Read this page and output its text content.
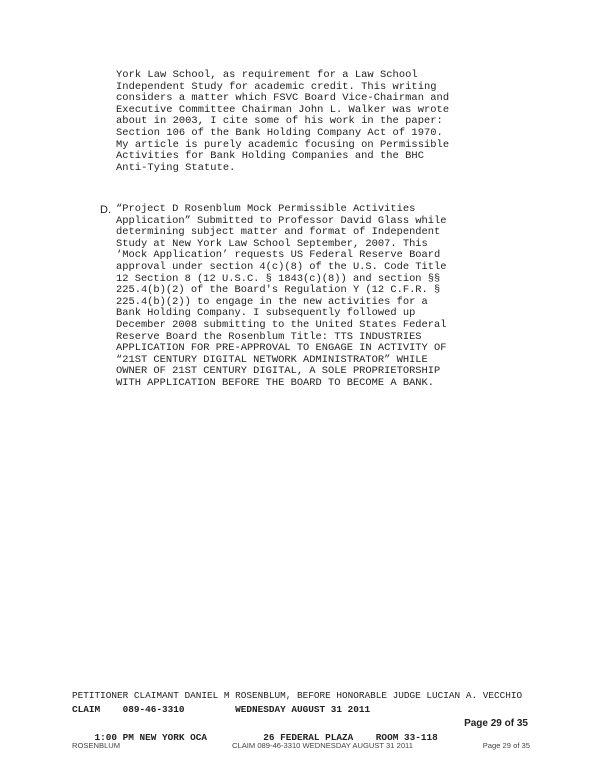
York Law School, as requirement for a Law School
Independent Study for academic credit. This writing
considers a matter which FSVC Board Vice-Chairman and
Executive Committee Chairman John L. Walker was wrote
about in 2003, I cite some of his work in the paper:
Section 106 of the Bank Holding Company Act of 1970.
My article is purely academic focusing on Permissible
Activities for Bank Holding Companies and the BHC
Anti-Tying Statute.
D. “Project D Rosenblum Mock Permissible Activities
Application” Submitted to Professor David Glass while
determining subject matter and format of Independent
Study at New York Law School September, 2007. This
‘Mock Application’ requests US Federal Reserve Board
approval under section 4(c)(8) of the U.S. Code Title
12 Section 8 (12 U.S.C. § 1843(c)(8)) and section §§
225.4(b)(2) of the Board's Regulation Y (12 C.F.R. §
225.4(b)(2)) to engage in the new activities for a
Bank Holding Company. I subsequently followed up
December 2008 submitting to the United States Federal
Reserve Board the Rosenblum Title: TTS INDUSTRIES
APPLICATION FOR PRE-APPROVAL TO ENGAGE IN ACTIVITY OF
“21ST CENTURY DIGITAL NETWORK ADMINISTRATOR” WHILE
OWNER OF 21ST CENTURY DIGITAL, A SOLE PROPRIETORSHIP
WITH APPLICATION BEFORE THE BOARD TO BECOME A BANK.
PETITIONER CLAIMANT DANIEL M ROSENBLUM, BEFORE HONORABLE JUDGE LUCIAN A. VECCHIO
CLAIM    089-46-3310         WEDNESDAY AUGUST 31 2011

1:00 PM NEW YORK OCA          26 FEDERAL PLAZA    ROOM 33-118

Page 29 of 35

ROSENBLUM	CLAIM 089-46-3310 WEDNESDAY AUGUST 31 2011	Page 29 of 35
